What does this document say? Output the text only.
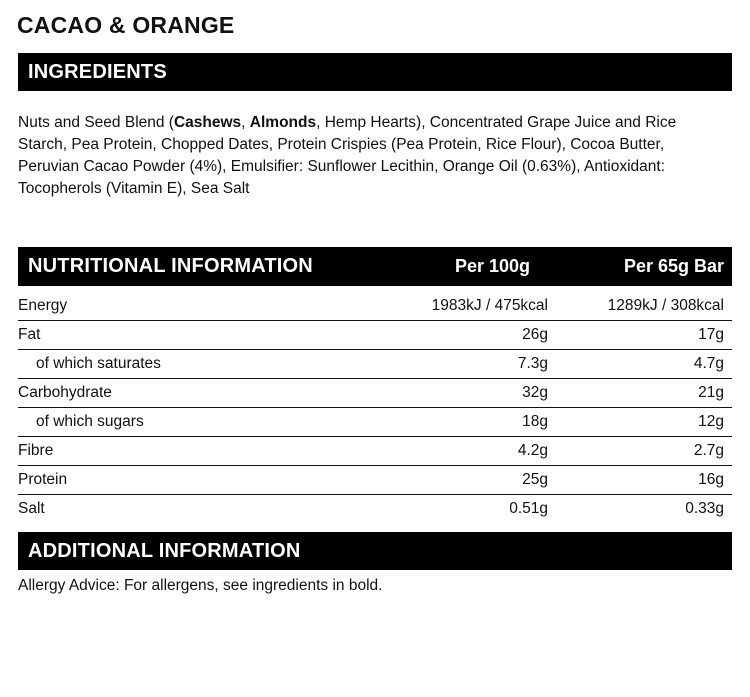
CACAO & ORANGE
INGREDIENTS

Nuts and Seed Blend (Cashews, Almonds, Hemp Hearts), Concentrated Grape Juice and Rice Starch, Pea Protein, Chopped Dates, Protein Crispies (Pea Protein, Rice Flour), Cocoa Butter, Peruvian Cacao Powder (4%), Emulsifier: Sunflower Lecithin, Orange Oil (0.63%), Antioxidant: Tocopherols (Vitamin E), Sea Salt

NUTRITIONAL INFORMATION	Per 100g	Per 65g Bar
Energy	1983kJ / 475kcal	1289kJ / 308kcal
Fat	26g	17g
of which saturates	7.3g	4.7g
Carbohydrate	32g	21g
of which sugars	18g	12g
Fibre	4.2g	2.7g
Protein	25g	16g
Salt	0.51g	0.33g
ADDITIONAL INFORMATION

Allergy Advice: For allergens, see ingredients in bold.
